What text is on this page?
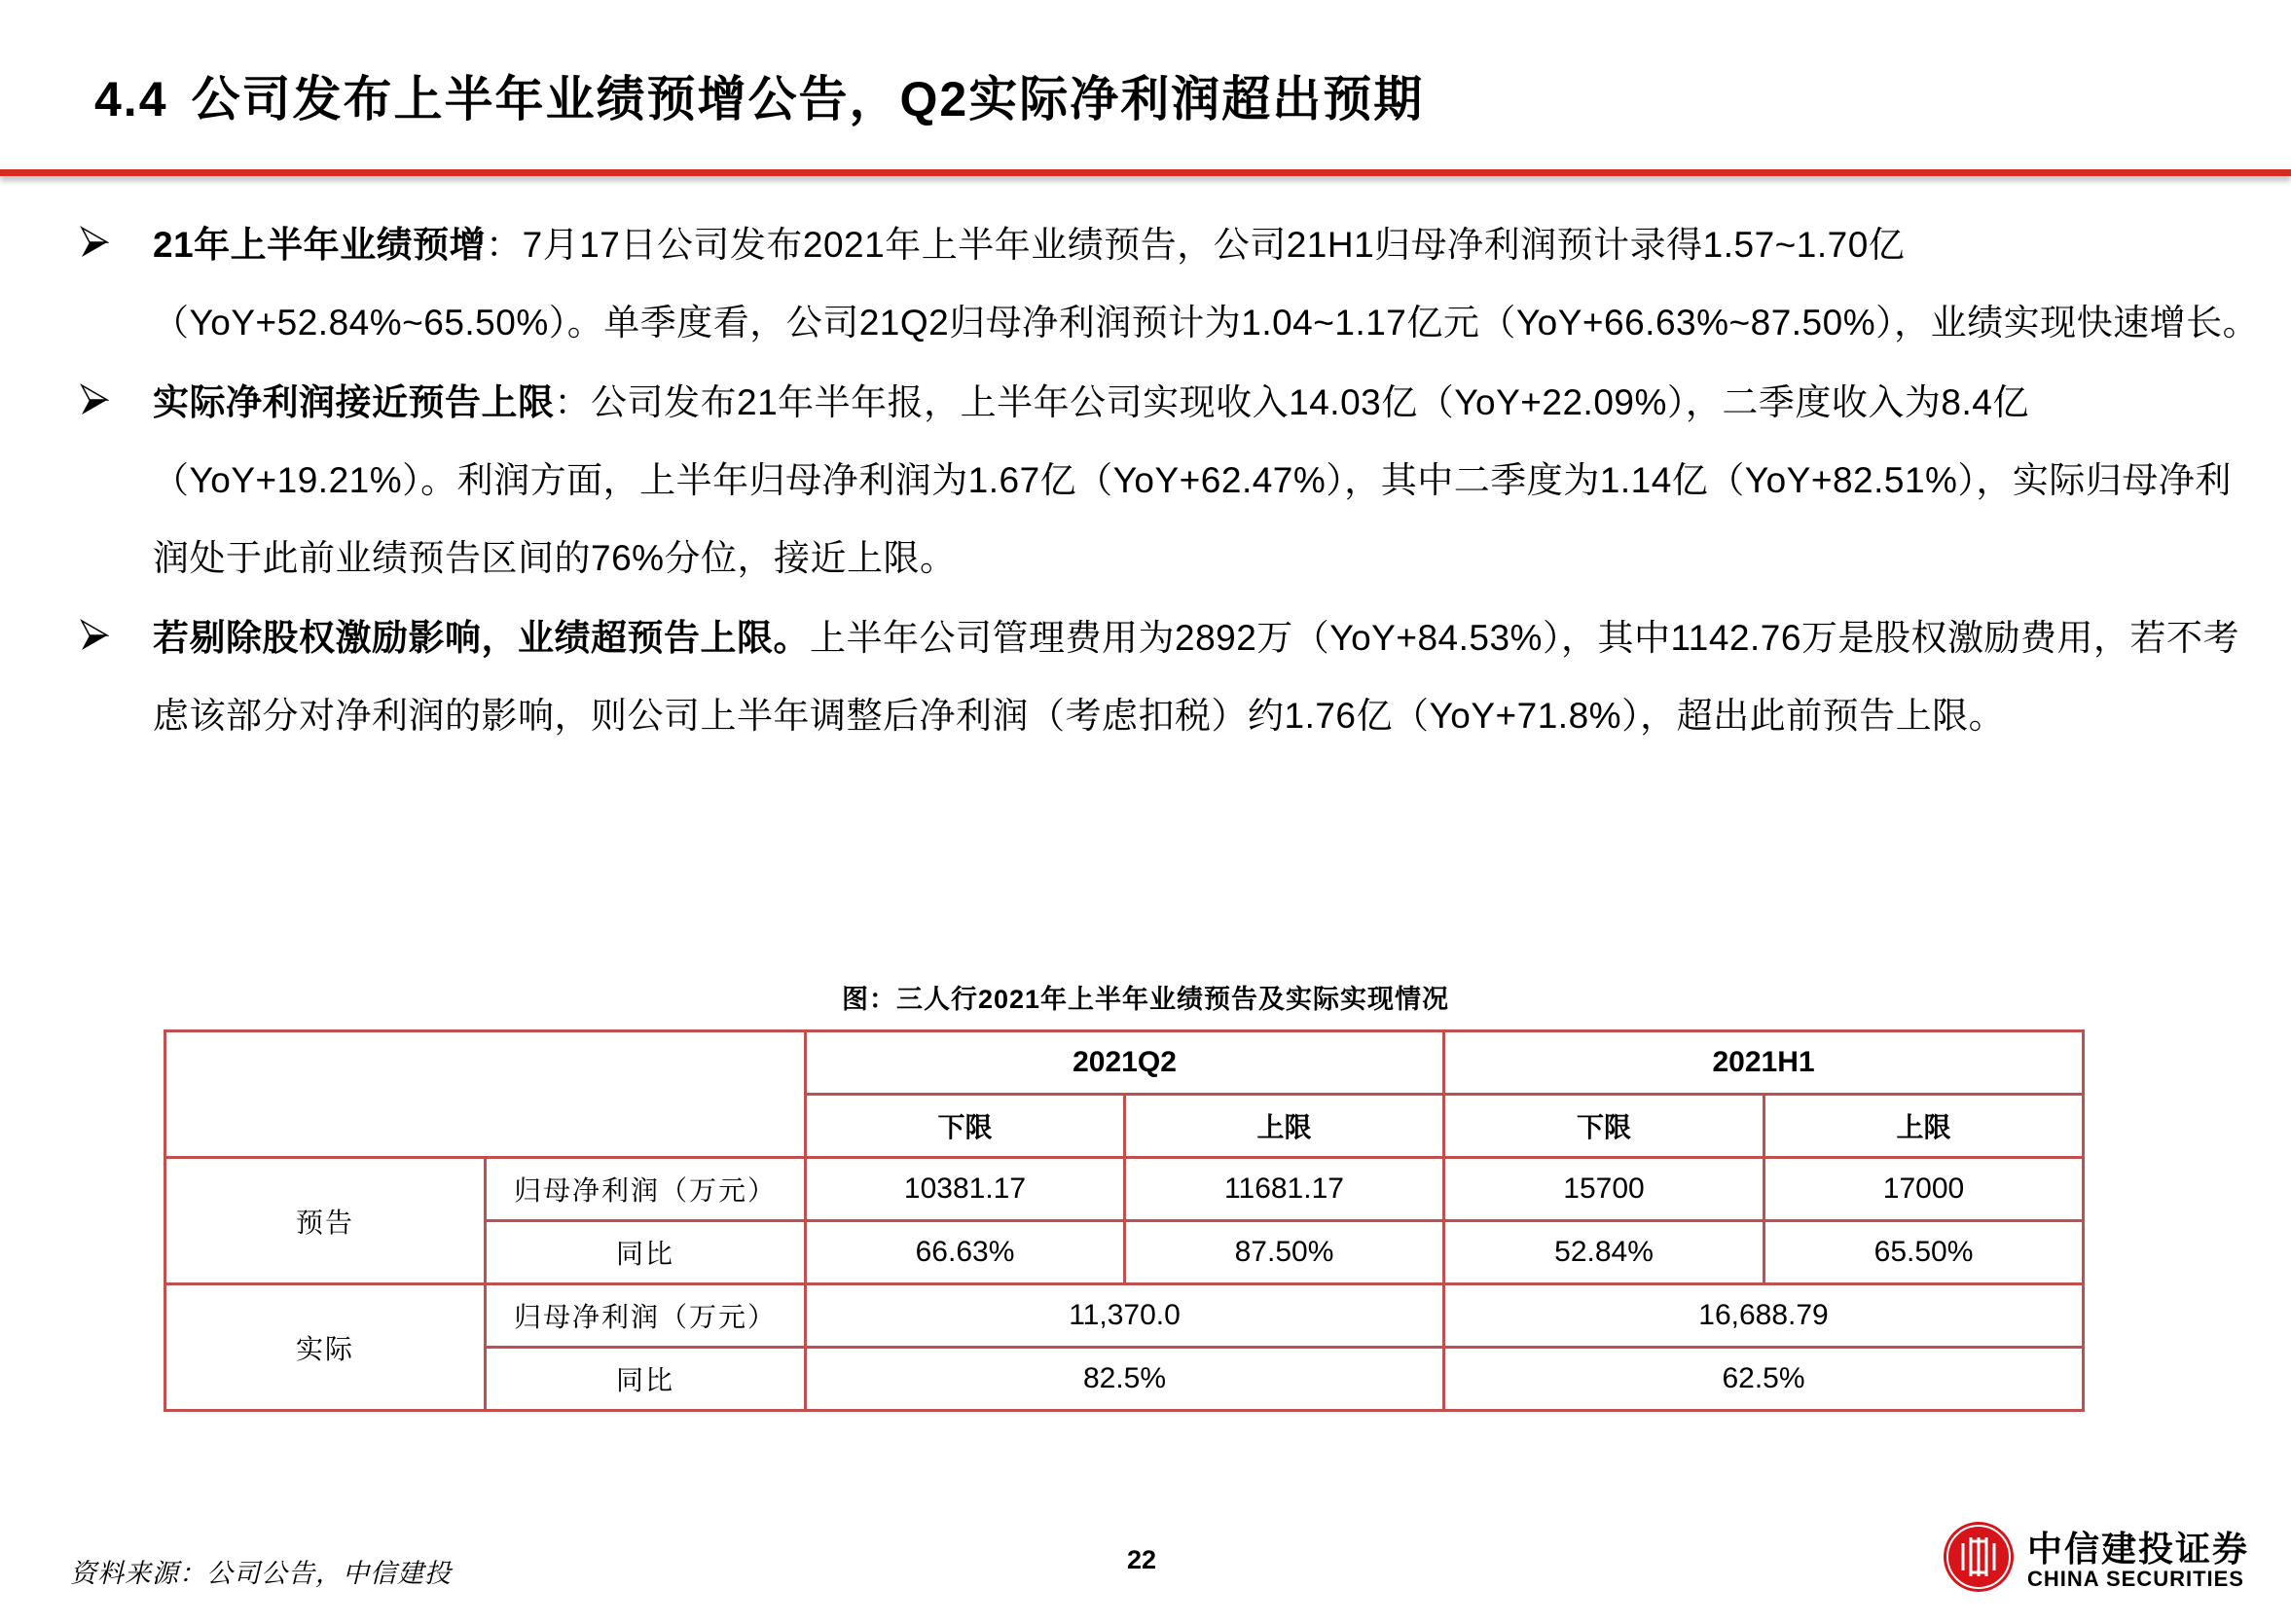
4.4 公司发布上半年业绩预增公告，Q2实际净利润超出预期

21年上半年业绩预增：7月17日公司发布2021年上半年业绩预告，公司21H1归母净利润预计录得1.57~1.70亿（YoY+52.84%~65.50%）。单季度看，公司21Q2归母净利润预计为1.04~1.17亿元（YoY+66.63%~87.50%），业绩实现快速增长。

实际净利润接近预告上限：公司发布21年半年报，上半年公司实现收入14.03亿（YoY+22.09%），二季度收入为8.4亿（YoY+19.21%）。利润方面，上半年归母净利润为1.67亿（YoY+62.47%），其中二季度为1.14亿（YoY+82.51%），实际归母净利润处于此前业绩预告区间的76%分位，接近上限。

若剔除股权激励影响，业绩超预告上限。上半年公司管理费用为2892万（YoY+84.53%），其中1142.76万是股权激励费用，若不考虑该部分对净利润的影响，则公司上半年调整后净利润（考虑扣税）约1.76亿（YoY+71.8%），超出此前预告上限。

图：三人行2021年上半年业绩预告及实际实现情况
		2021Q2		2021H1	
		下限	上限	下限	上限
预告	归母净利润（万元）	10381.17	11681.17	15700	17000
	同比	66.63%	87.50%	52.84%	65.50%
实际	归母净利润（万元）	11,370.0		16,688.79	
	同比	82.5%		62.5%	
资料来源：公司公告，中信建投	22	中信建投证券
CHINA SECURITIES
